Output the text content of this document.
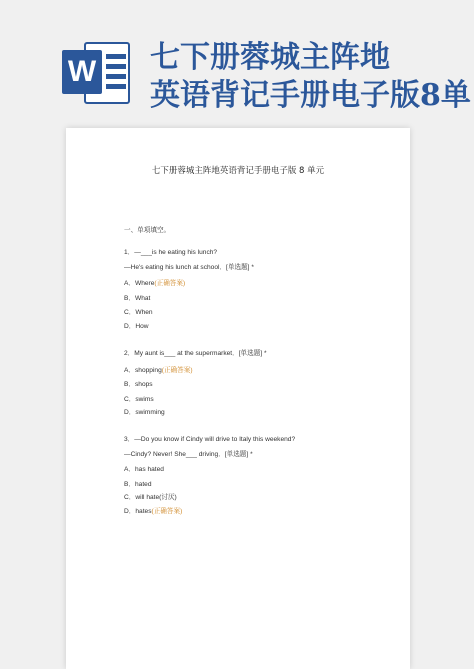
W 七下册蓉城主阵地
英语背记手册电子版8单
七下册蓉城主阵地英语背记手册电子版 8 单元
一、单项填空。
1．—___is he eating his lunch?
—He's eating his lunch at school．[单选题] *
A．Where(正确答案)
B．What
C．When
D．How
2．My aunt is___ at the supermarket．[单选题] *
A．shopping(正确答案)
B．shops
C．swims
D．swimming
3．—Do you know if Cindy will drive to Italy this weekend?
—Cindy? Never! She___ driving．[单选题] *
A．has hated
B．hated
C．will hate(讨厌)
D．hates(正确答案)
